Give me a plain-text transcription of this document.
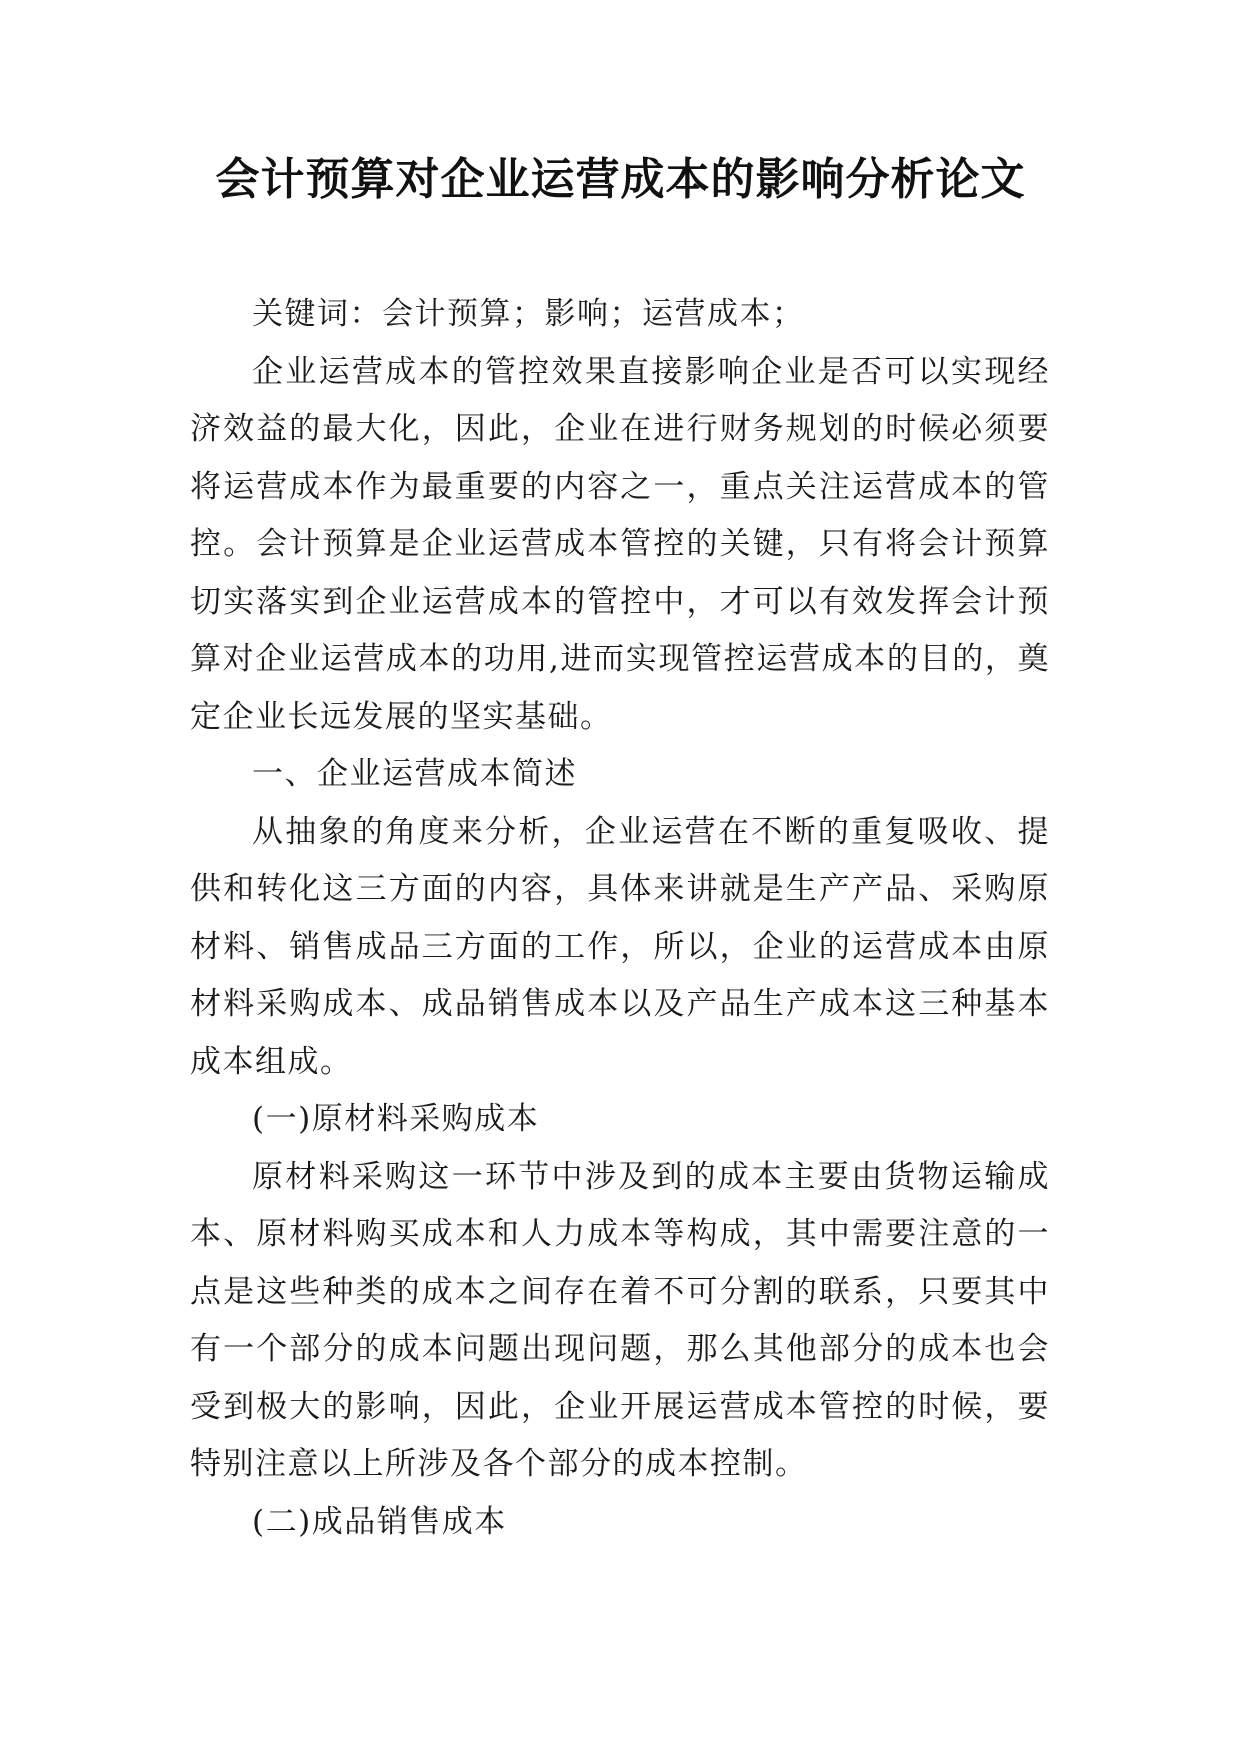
会计预算对企业运营成本的影响分析论文

关键词：会计预算；影响；运营成本；

企业运营成本的管控效果直接影响企业是否可以实现经济效益的最大化，因此，企业在进行财务规划的时候必须要将运营成本作为最重要的内容之一，重点关注运营成本的管控。会计预算是企业运营成本管控的关键，只有将会计预算切实落实到企业运营成本的管控中，才可以有效发挥会计预算对企业运营成本的功用,进而实现管控运营成本的目的，奠定企业长远发展的坚实基础。

一、企业运营成本简述

从抽象的角度来分析，企业运营在不断的重复吸收、提供和转化这三方面的内容，具体来讲就是生产产品、采购原材料、销售成品三方面的工作，所以，企业的运营成本由原材料采购成本、成品销售成本以及产品生产成本这三种基本成本组成。

(一)原材料采购成本

原材料采购这一环节中涉及到的成本主要由货物运输成本、原材料购买成本和人力成本等构成，其中需要注意的一点是这些种类的成本之间存在着不可分割的联系，只要其中有一个部分的成本问题出现问题，那么其他部分的成本也会受到极大的影响，因此，企业开展运营成本管控的时候，要特别注意以上所涉及各个部分的成本控制。

(二)成品销售成本
